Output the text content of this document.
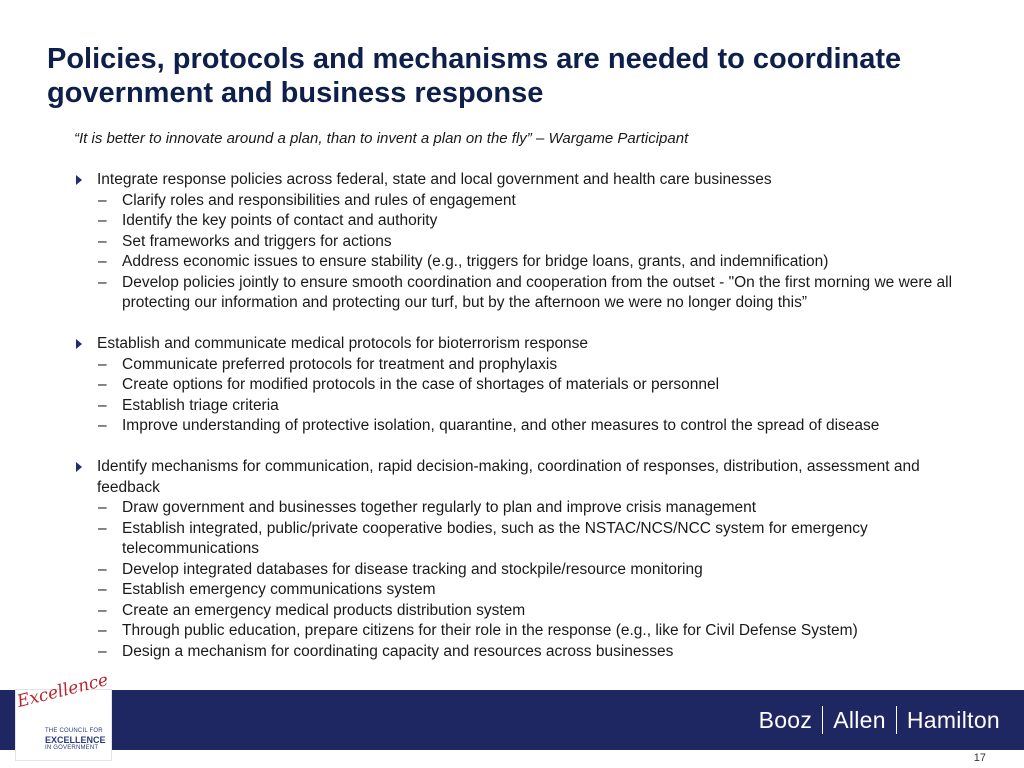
Policies, protocols and mechanisms are needed to coordinate government and business response
“It is better to innovate around a plan, than to invent a plan on the fly” – Wargame Participant
Integrate response policies across federal, state and local government and health care businesses
– Clarify roles and responsibilities and rules of engagement
– Identify the key points of contact and authority
– Set frameworks and triggers for actions
– Address economic issues to ensure stability (e.g., triggers for bridge loans, grants, and indemnification)
– Develop policies jointly to ensure smooth coordination and cooperation from the outset - "On the first morning we were all protecting our information and protecting our turf, but by the afternoon we were no longer doing this”
Establish and communicate medical protocols for bioterrorism response
– Communicate preferred protocols for treatment and prophylaxis
– Create options for modified protocols in the case of shortages of materials or personnel
– Establish triage criteria
– Improve understanding of protective isolation, quarantine, and other measures to control the spread of disease
Identify mechanisms for communication, rapid decision-making, coordination of responses, distribution, assessment and feedback
– Draw government and businesses together regularly to plan and improve crisis management
– Establish integrated, public/private cooperative bodies, such as the NSTAC/NCS/NCC system for emergency telecommunications
– Develop integrated databases for disease tracking and stockpile/resource monitoring
– Establish emergency communications system
– Create an emergency medical products distribution system
– Through public education, prepare citizens for their role in the response (e.g., like for Civil Defense System)
– Design a mechanism for coordinating capacity and resources across businesses
Excellence
THE COUNCIL FOR
EXCELLENCE
IN GOVERNMENT
Booz Allen Hamilton
17
